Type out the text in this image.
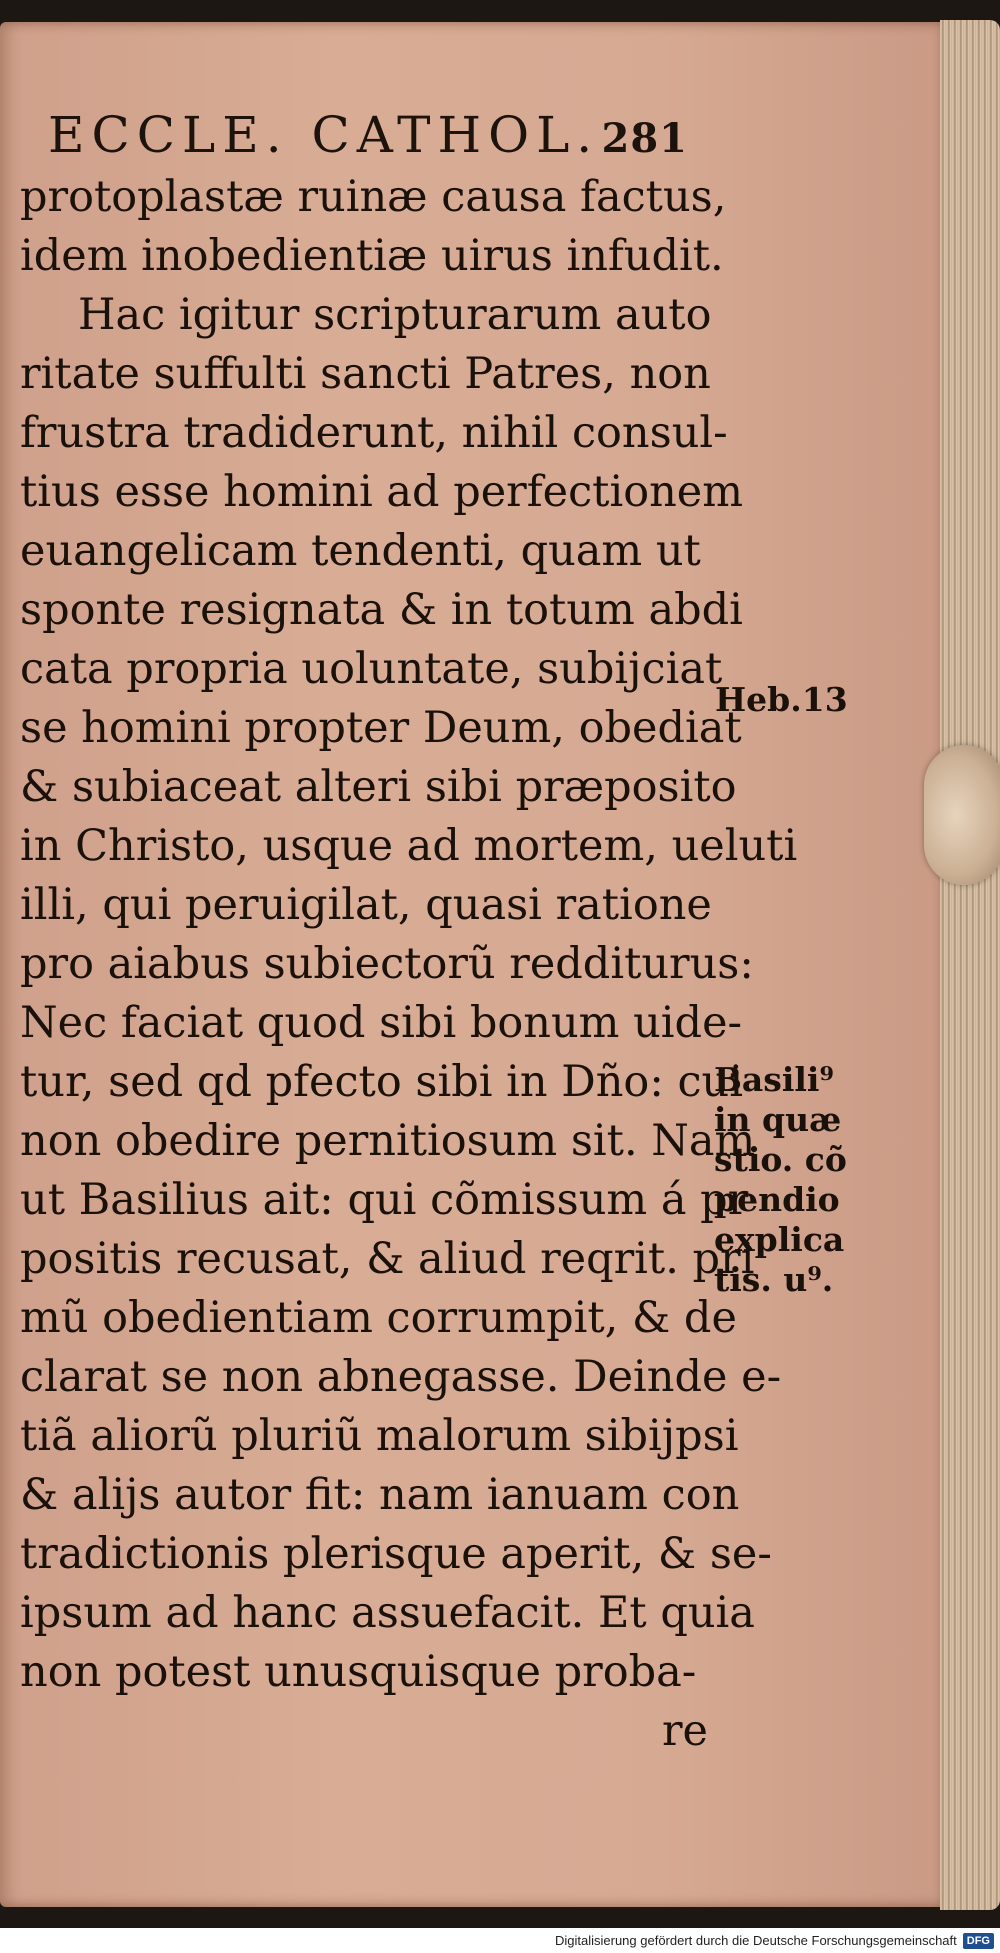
ECCLE. CATHOL. 281
protoplastæ ruinæ causa factus,
idem inobedientiæ uirus infudit.
Hac igitur scripturarum auto
ritate suffulti sancti Patres, non
frustra tradiderunt, nihil consul-
tius esse homini ad perfectionem
euangelicam tendenti, quam ut
sponte resignata & in totum abdi
cata propria uoluntate, subijciat
se homini propter Deum, obediat
& subiaceat alteri sibi præposito
in Christo, usque ad mortem, ueluti
illi, qui peruigilat, quasi ratione
pro aiabus subiectorũ redditurus:
Nec faciat quod sibi bonum uide-
tur, sed qd pfecto sibi in Dño: cui
non obedire pernitiosum sit. Nam
ut Basilius ait: qui cõmissum á pr
positis recusat, & aliud reqrit. pri
mũ obedientiam corrumpit, & de
clarat se non abnegasse. Deinde e-
tiã aliorũ pluriũ malorum sibijpsi
& alijs autor fit: nam ianuam con
tradictionis plerisque aperit, & se-
ipsum ad hanc assuefacit. Et quia
non potest unusquisque proba-
re
Heb.13
Basili⁹
in quæ
stio. cõ
pendio
explica
tis. u⁹.
Digitalisierung gefördert durch die Deutsche Forschungsgemeinschaft DFG
